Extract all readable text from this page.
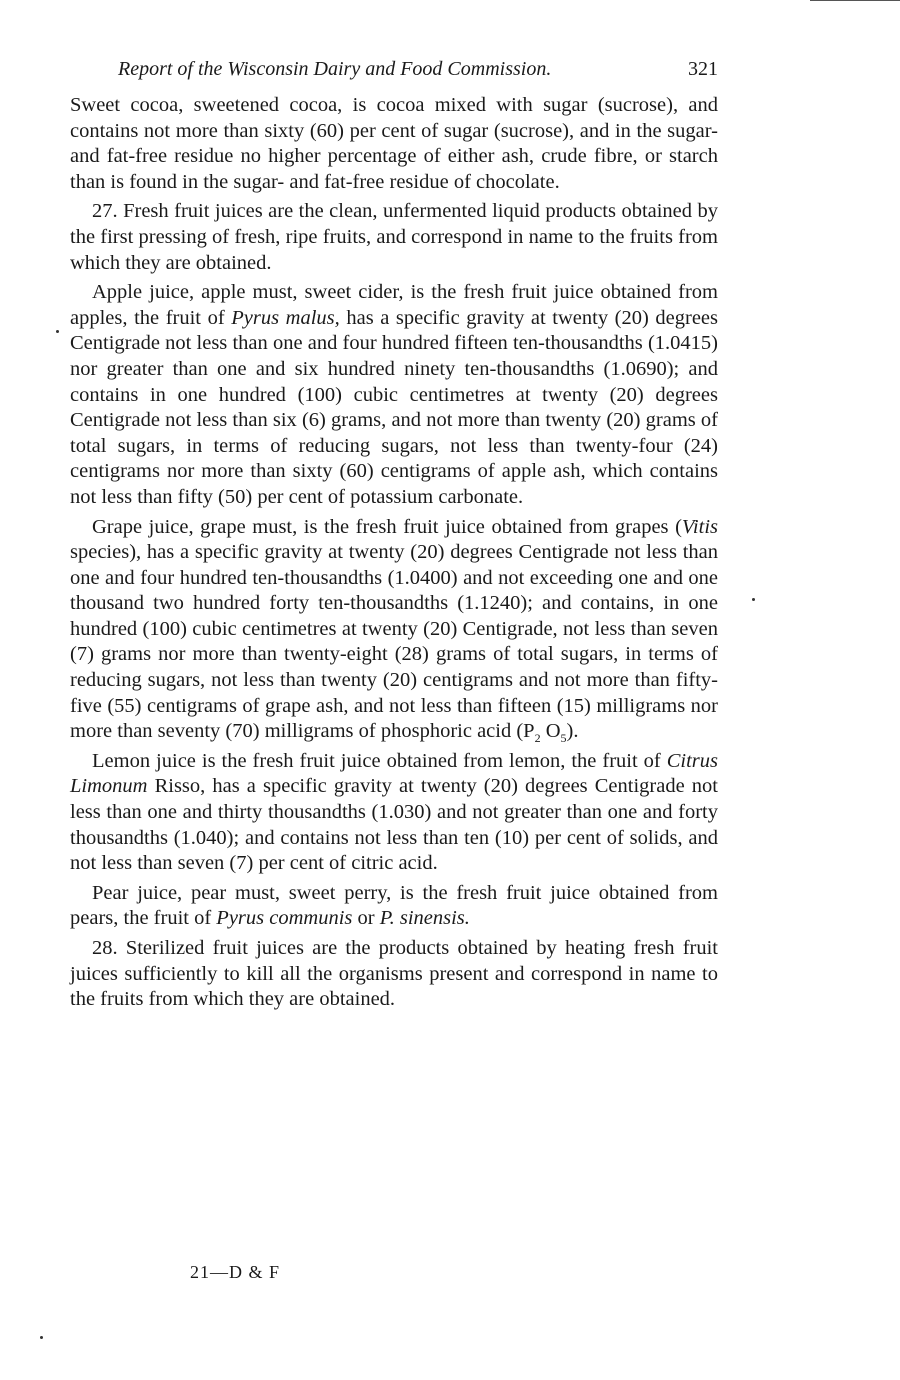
Report of the Wisconsin Dairy and Food Commission.	321

Sweet cocoa, sweetened cocoa, is cocoa mixed with sugar (sucrose), and contains not more than sixty (60) per cent of sugar (sucrose), and in the sugar- and fat-free residue no higher percentage of either ash, crude fibre, or starch than is found in the sugar- and fat-free residue of chocolate.

27. Fresh fruit juices are the clean, unfermented liquid products obtained by the first pressing of fresh, ripe fruits, and correspond in name to the fruits from which they are obtained.

Apple juice, apple must, sweet cider, is the fresh fruit juice obtained from apples, the fruit of Pyrus malus, has a specific gravity at twenty (20) degrees Centigrade not less than one and four hundred fifteen ten-thousandths (1.0415) nor greater than one and six hundred ninety ten-thousandths (1.0690); and contains in one hundred (100) cubic centimetres at twenty (20) degrees Centigrade not less than six (6) grams, and not more than twenty (20) grams of total sugars, in terms of reducing sugars, not less than twenty-four (24) centigrams nor more than sixty (60) centigrams of apple ash, which contains not less than fifty (50) per cent of potassium carbonate.

Grape juice, grape must, is the fresh fruit juice obtained from grapes (Vitis species), has a specific gravity at twenty (20) degrees Centigrade not less than one and four hundred ten-thousandths (1.0400) and not exceeding one and one thousand two hundred forty ten-thousandths (1.1240); and contains, in one hundred (100) cubic centimetres at twenty (20) Centigrade, not less than seven (7) grams nor more than twenty-eight (28) grams of total sugars, in terms of reducing sugars, not less than twenty (20) centigrams and not more than fifty-five (55) centigrams of grape ash, and not less than fifteen (15) milligrams nor more than seventy (70) milligrams of phosphoric acid ($P_2$ $O_5$).

Lemon juice is the fresh fruit juice obtained from lemon, the fruit of Citrus Limonum Risso, has a specific gravity at twenty (20) degrees Centigrade not less than one and thirty thousandths (1.030) and not greater than one and forty thousandths (1.040); and contains not less than ten (10) per cent of solids, and not less than seven (7) per cent of citric acid.

Pear juice, pear must, sweet perry, is the fresh fruit juice obtained from pears, the fruit of Pyrus communis or P. sinensis.

28. Sterilized fruit juices are the products obtained by heating fresh fruit juices sufficiently to kill all the organisms present and correspond in name to the fruits from which they are obtained.

21—D & F
